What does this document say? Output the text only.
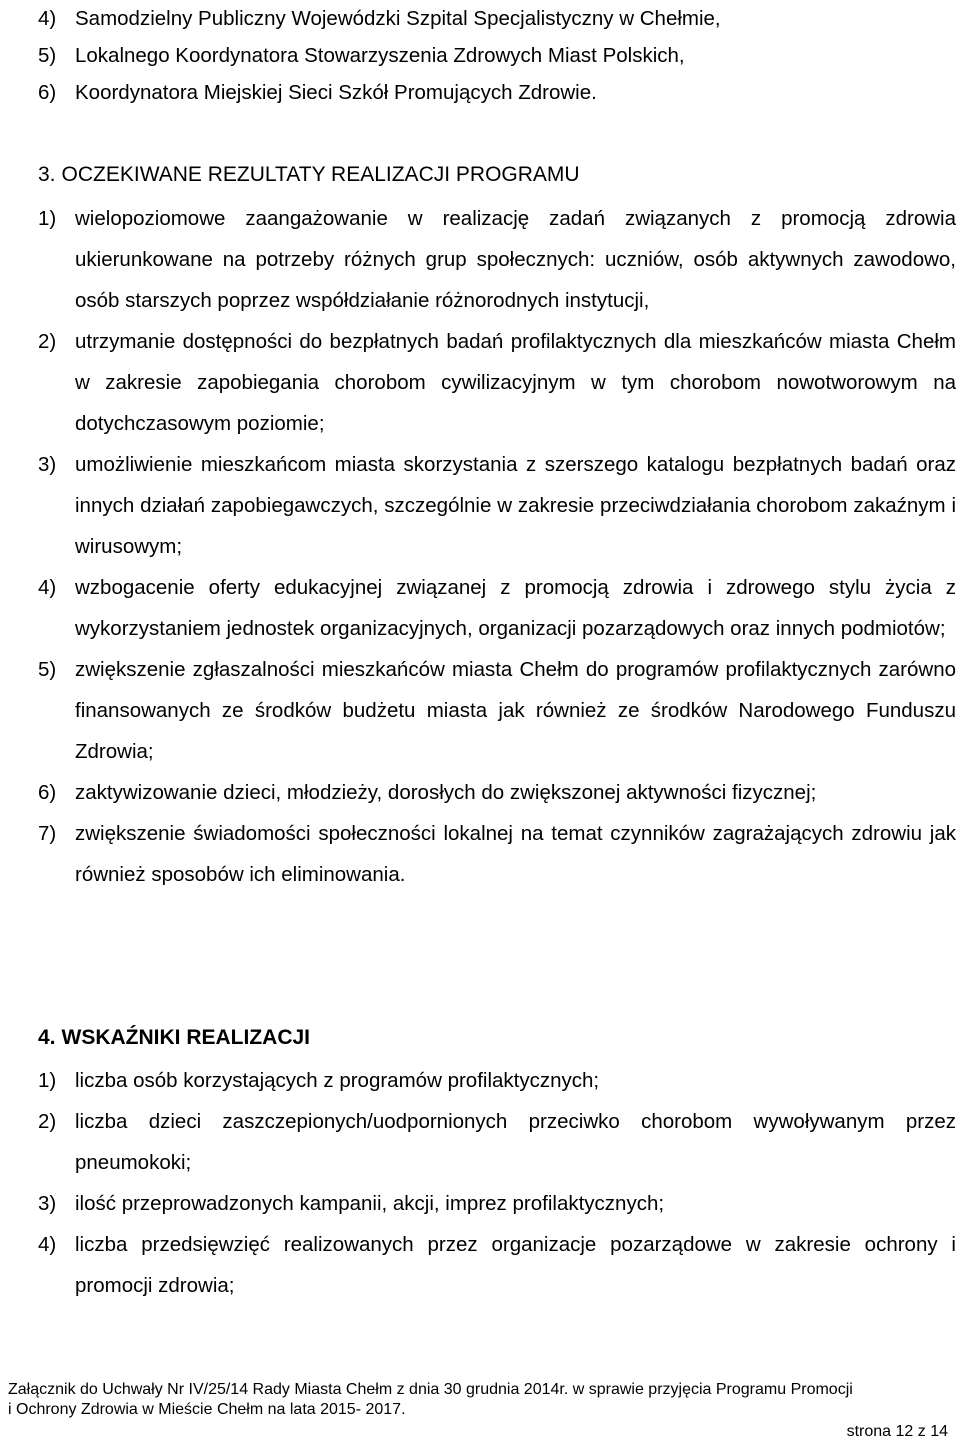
4) Samodzielny Publiczny Wojewódzki Szpital Specjalistyczny w Chełmie,
5) Lokalnego Koordynatora Stowarzyszenia Zdrowych Miast Polskich,
6) Koordynatora Miejskiej Sieci Szkół Promujących Zdrowie.
3. OCZEKIWANE REZULTATY REALIZACJI PROGRAMU
1) wielopoziomowe zaangażowanie w realizację zadań związanych z promocją zdrowia ukierunkowane na potrzeby różnych grup społecznych: uczniów, osób aktywnych zawodowo, osób starszych poprzez współdziałanie różnorodnych instytucji,
2) utrzymanie dostępności do bezpłatnych badań profilaktycznych dla mieszkańców miasta Chełm w zakresie zapobiegania chorobom cywilizacyjnym w tym chorobom nowotworowym na dotychczasowym poziomie;
3) umożliwienie mieszkańcom miasta skorzystania z szerszego katalogu bezpłatnych badań oraz innych działań zapobiegawczych, szczególnie w zakresie przeciwdziałania chorobom zakaźnym i wirusowym;
4) wzbogacenie oferty edukacyjnej związanej z promocją zdrowia i zdrowego stylu życia z wykorzystaniem jednostek organizacyjnych, organizacji pozarządowych oraz innych podmiotów;
5) zwiększenie zgłaszalności mieszkańców miasta Chełm do programów profilaktycznych zarówno finansowanych ze środków budżetu miasta jak również ze środków Narodowego Funduszu Zdrowia;
6) zaktywizowanie dzieci, młodzieży, dorosłych do zwiększonej aktywności fizycznej;
7) zwiększenie świadomości społeczności lokalnej na temat czynników zagrażających zdrowiu jak również sposobów ich eliminowania.
4. WSKAŹNIKI REALIZACJI
1) liczba osób korzystających z programów profilaktycznych;
2) liczba dzieci zaszczepionych/uodpornionych przeciwko chorobom wywoływanym przez pneumokoki;
3) ilość przeprowadzonych kampanii, akcji, imprez profilaktycznych;
4) liczba przedsięwzięć realizowanych przez organizacje pozarządowe w zakresie ochrony i promocji zdrowia;
Załącznik do Uchwały Nr IV/25/14 Rady Miasta Chełm z dnia 30 grudnia 2014r. w sprawie przyjęcia Programu Promocji
i Ochrony Zdrowia w Mieście Chełm na lata 2015- 2017.
strona 12 z 14
